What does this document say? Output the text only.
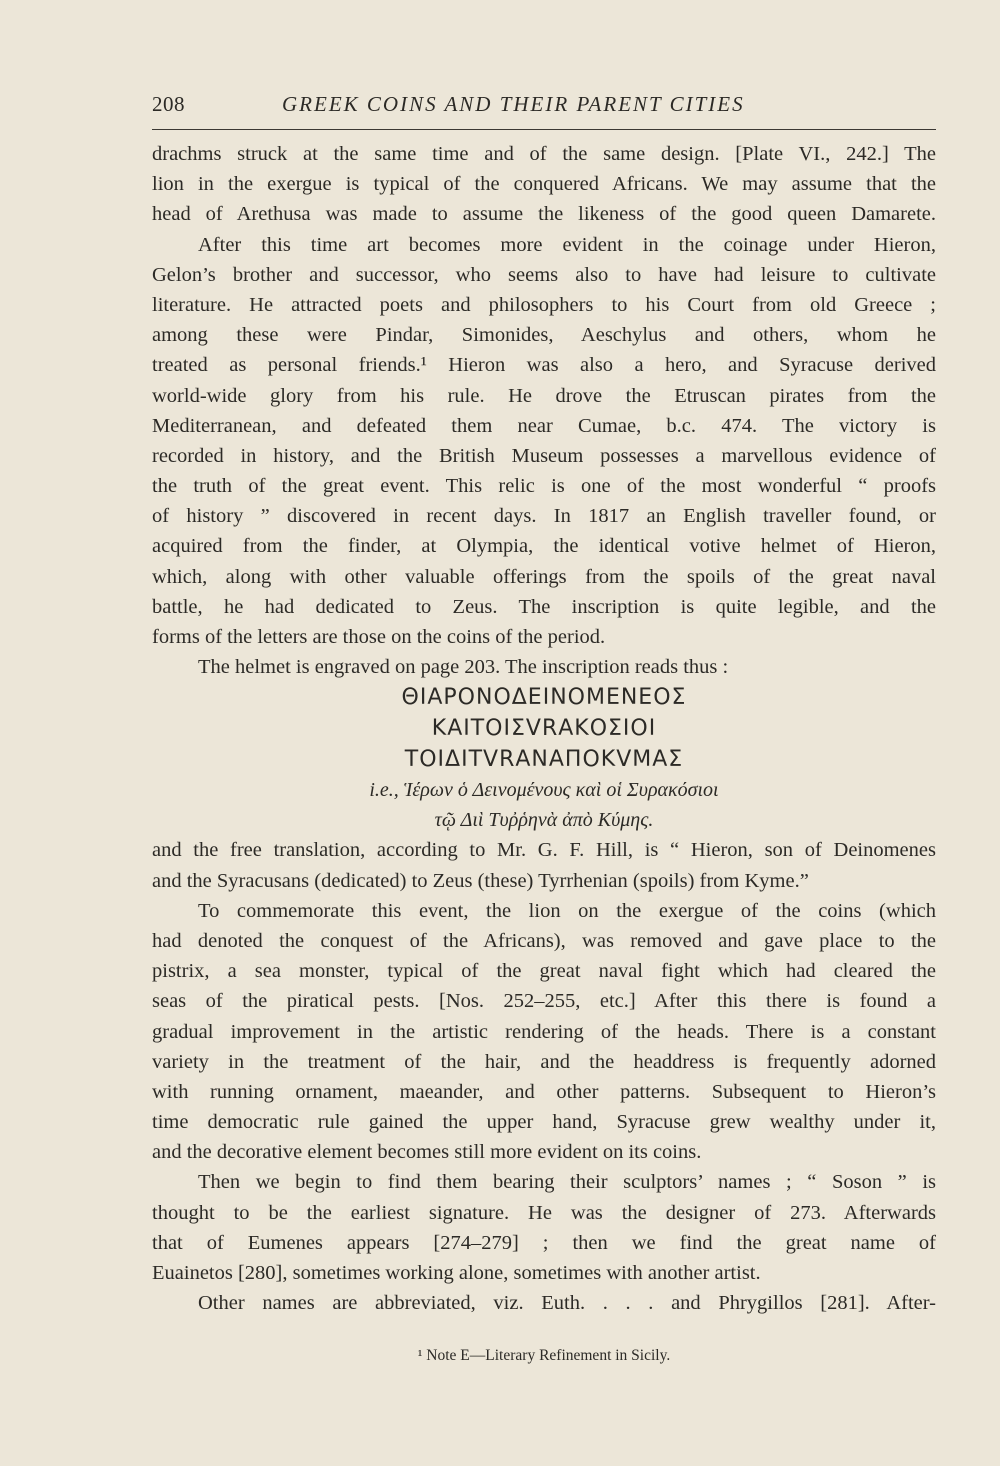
208	GREEK COINS AND THEIR PARENT CITIES
drachms struck at the same time and of the same design. [Plate VI., 242.] The
lion in the exergue is typical of the conquered Africans. We may assume that the
head of Arethusa was made to assume the likeness of the good queen Damarete.
After this time art becomes more evident in the coinage under Hieron,
Gelon’s brother and successor, who seems also to have had leisure to cultivate
literature. He attracted poets and philosophers to his Court from old Greece ;
among these were Pindar, Simonides, Aeschylus and others, whom he
treated as personal friends.¹ Hieron was also a hero, and Syracuse derived
world-wide glory from his rule. He drove the Etruscan pirates from the
Mediterranean, and defeated them near Cumae, b.c. 474. The victory is
recorded in history, and the British Museum possesses a marvellous evidence of
the truth of the great event. This relic is one of the most wonderful “ proofs
of history ” discovered in recent days. In 1817 an English traveller found, or
acquired from the finder, at Olympia, the identical votive helmet of Hieron,
which, along with other valuable offerings from the spoils of the great naval
battle, he had dedicated to Zeus. The inscription is quite legible, and the
forms of the letters are those on the coins of the period.
The helmet is engraved on page 203. The inscription reads thus :
ΘΙΑΡΟΝΟΔΕΙΝΟΜΕΝΕΟΣ
ΚΑΙΤΟΙΣVRΑΚΟΣΙΟΙ
ΤΟΙΔΙΤVRΑΝΑΠΟΚVΜΑΣ
i.e., Ἱέρων ὁ Δεινομένους καὶ οἱ Συρακόσιοι
τῷ Διὶ Τυῤῥηνὰ ἀπὸ Κύμης.
and the free translation, according to Mr. G. F. Hill, is “ Hieron, son of Deinomenes
and the Syracusans (dedicated) to Zeus (these) Tyrrhenian (spoils) from Kyme.”
To commemorate this event, the lion on the exergue of the coins (which
had denoted the conquest of the Africans), was removed and gave place to the
pistrix, a sea monster, typical of the great naval fight which had cleared the
seas of the piratical pests. [Nos. 252–255, etc.] After this there is found a
gradual improvement in the artistic rendering of the heads. There is a constant
variety in the treatment of the hair, and the headdress is frequently adorned
with running ornament, maeander, and other patterns. Subsequent to Hieron’s
time democratic rule gained the upper hand, Syracuse grew wealthy under it,
and the decorative element becomes still more evident on its coins.
Then we begin to find them bearing their sculptors’ names ; “ Soson ” is
thought to be the earliest signature. He was the designer of 273. Afterwards
that of Eumenes appears [274–279] ; then we find the great name of
Euainetos [280], sometimes working alone, sometimes with another artist.
Other names are abbreviated, viz. Euth. . . . and Phrygillos [281]. After-
¹ Note E—Literary Refinement in Sicily.
